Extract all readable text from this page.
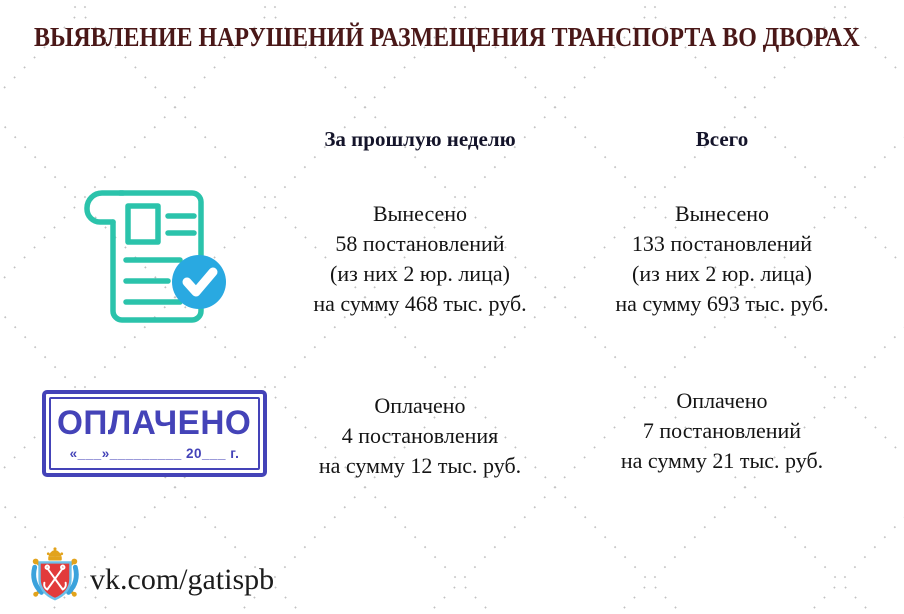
ВЫЯВЛЕНИЕ НАРУШЕНИЙ РАЗМЕЩЕНИЯ ТРАНСПОРТА ВО ДВОРАХ
За прошлую неделю	Всего
Вынесено
58 постановлений
(из них 2 юр. лица)
на сумму 468 тыс. руб.
Вынесено
133 постановлений
(из них 2 юр. лица)
на сумму 693 тыс. руб.
ОПЛАЧЕНО
«___»_________ 20___ г.
Оплачено
4 постановления
на сумму 12 тыс. руб.
Оплачено
7 постановлений
на сумму 21 тыс. руб.
vk.com/gatispb
